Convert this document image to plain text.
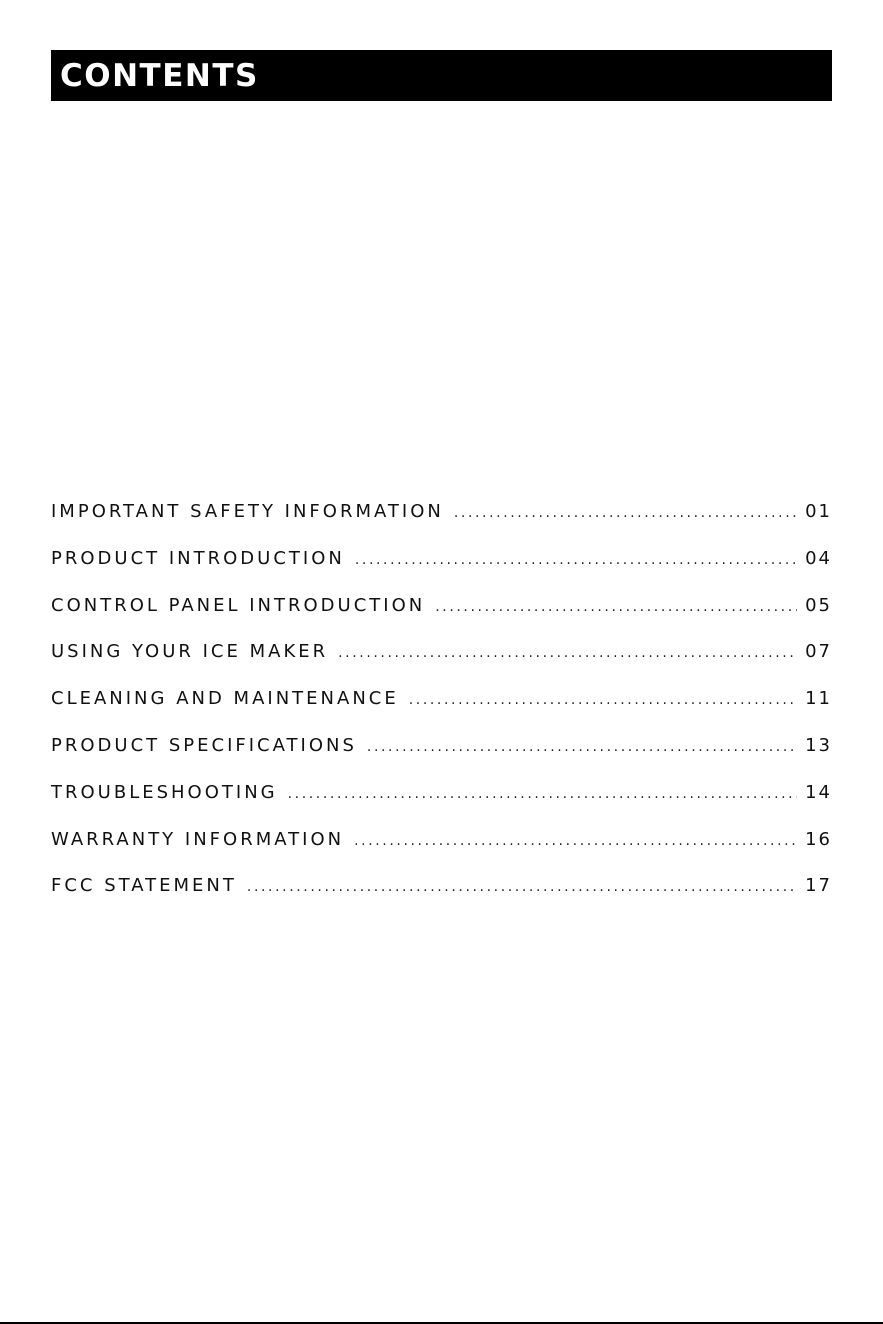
CONTENTS
IMPORTANT SAFETY INFORMATION .....	01
PRODUCT INTRODUCTION .....	04
CONTROL PANEL INTRODUCTION .....	05
USING YOUR ICE MAKER .....	07
CLEANING AND MAINTENANCE .....	11
PRODUCT SPECIFICATIONS .....	13
TROUBLESHOOTING .....	14
WARRANTY INFORMATION .....	16
FCC STATEMENT .....	17
